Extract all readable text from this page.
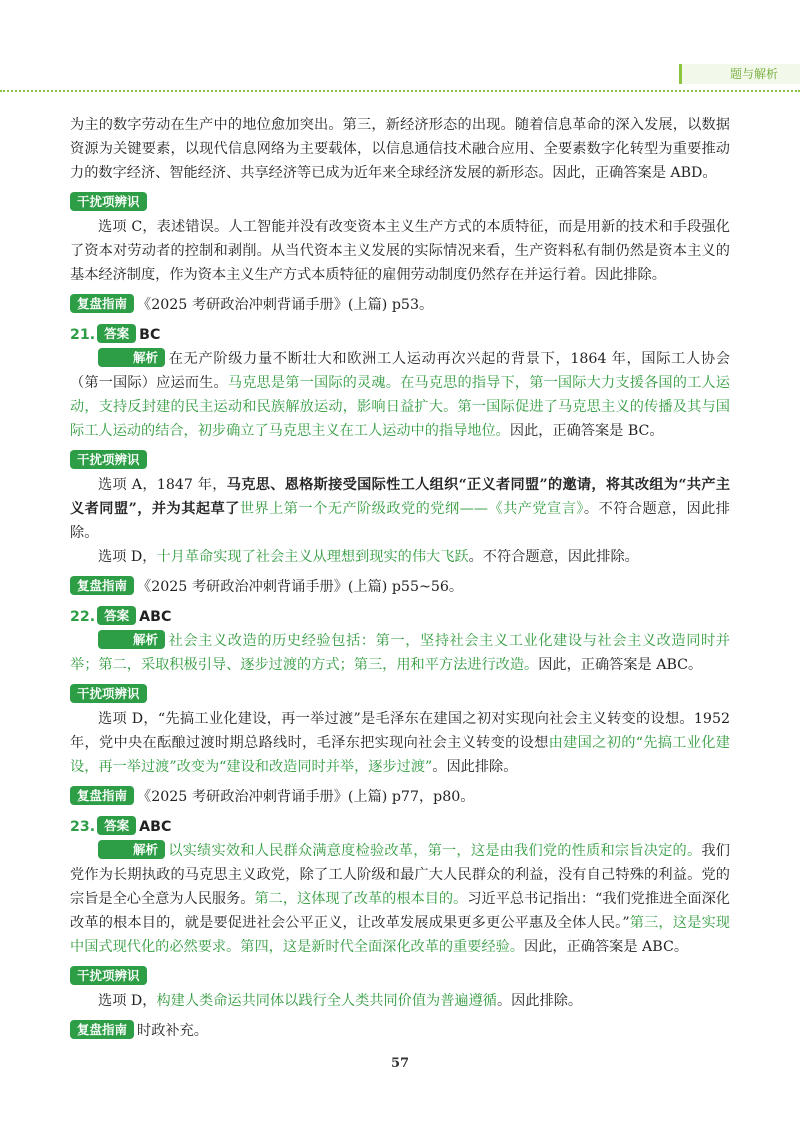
题与解析

为主的数字劳动在生产中的地位愈加突出。第三，新经济形态的出现。随着信息革命的深入发展，以数据资源为关键要素，以现代信息网络为主要载体，以信息通信技术融合应用、全要素数字化转型为重要推动力的数字经济、智能经济、共享经济等已成为近年来全球经济发展的新形态。因此，正确答案是 ABD。

干扰项辨识

选项 C，表述错误。人工智能并没有改变资本主义生产方式的本质特征，而是用新的技术和手段强化了资本对劳动者的控制和剥削。从当代资本主义发展的实际情况来看，生产资料私有制仍然是资本主义的基本经济制度，作为资本主义生产方式本质特征的雇佣劳动制度仍然存在并运行着。因此排除。

复盘指南 《2025 考研政治冲刺背诵手册》(上篇) p53。
21. 答案 BC

解析 在无产阶级力量不断壮大和欧洲工人运动再次兴起的背景下，1864 年，国际工人协会（第一国际）应运而生。马克思是第一国际的灵魂。在马克思的指导下，第一国际大力支援各国的工人运动，支持反封建的民主运动和民族解放运动，影响日益扩大。第一国际促进了马克思主义的传播及其与国际工人运动的结合，初步确立了马克思主义在工人运动中的指导地位。因此，正确答案是 BC。

干扰项辨识

选项 A，1847 年，马克思、恩格斯接受国际性工人组织“正义者同盟”的邀请，将其改组为“共产主义者同盟”，并为其起草了世界上第一个无产阶级政党的党纲——《共产党宣言》。不符合题意，因此排除。

选项 D，十月革命实现了社会主义从理想到现实的伟大飞跃。不符合题意，因此排除。

复盘指南 《2025 考研政治冲刺背诵手册》(上篇) p55~56。
22. 答案 ABC

解析 社会主义改造的历史经验包括：第一，坚持社会主义工业化建设与社会主义改造同时并举；第二，采取积极引导、逐步过渡的方式；第三，用和平方法进行改造。因此，正确答案是 ABC。

干扰项辨识

选项 D，“先搞工业化建设，再一举过渡”是毛泽东在建国之初对实现向社会主义转变的设想。1952 年，党中央在酝酿过渡时期总路线时，毛泽东把实现向社会主义转变的设想由建国之初的“先搞工业化建设，再一举过渡”改变为“建设和改造同时并举，逐步过渡”。因此排除。

复盘指南 《2025 考研政治冲刺背诵手册》(上篇) p77，p80。
23. 答案 ABC

解析 以实绩实效和人民群众满意度检验改革，第一，这是由我们党的性质和宗旨决定的。我们党作为长期执政的马克思主义政党，除了工人阶级和最广大人民群众的利益，没有自己特殊的利益。党的宗旨是全心全意为人民服务。第二，这体现了改革的根本目的。习近平总书记指出：“我们党推进全面深化改革的根本目的，就是要促进社会公平正义，让改革发展成果更多更公平惠及全体人民。”第三，这是实现中国式现代化的必然要求。第四，这是新时代全面深化改革的重要经验。因此，正确答案是 ABC。

干扰项辨识

选项 D，构建人类命运共同体以践行全人类共同价值为普遍遵循。因此排除。

复盘指南 时政补充。
57
